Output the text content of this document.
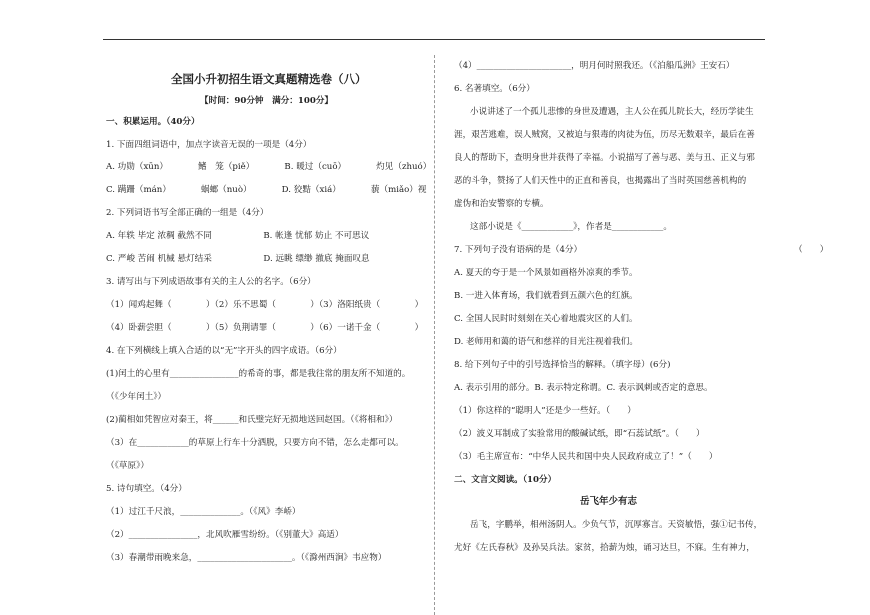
全国小升初招生语文真题精选卷（八）
【时间：90分钟　满分：100分】
一、积累运用。（40分）
1. 下面四组词语中，加点字读音无误的一项是（4分）
A. 功勋（xūn）　　　　鳍　笼（piě）　　　　B. 暖过（cuō）　　　　灼见（zhuó）
C. 蹒跚（mán）　　　　蜗螂（nuò）　　　　D. 狡黠（xiá）　　　　藐（miǎo）视
2. 下列词语书写全部正确的一组是（4分）
A. 年轶 毕定 浓稠 截然不同　　　　　　B. 帐逢 忧郁 妨止 不可思议
C. 严峻 苦闹 机械 悬灯结采　　　　　　D. 远眺 缥缈 撤底 掩面叹息
3. 请写出与下列成语故事有关的主人公的名字。（6分）
（1）闻鸡起舞（　　　　）（2）乐不思蜀（　　　　）（3）洛阳纸贵（　　　　）
（4）卧薪尝胆（　　　　）（5）负荆请罪（　　　　）（6）一诺千金（　　　　）
4. 在下列横线上填入合适的以“无”字开头的四字成语。（6分）
(1)闰土的心里有________________的希奇的事，都是我往常的朋友所不知道的。
（《少年闰土》）
(2)蔺相如凭智应对秦王，将______和氏璧完好无损地送回赵国。（《将相和》）
（3）在____________的草原上行车十分洒脱，只要方向不错，怎么走都可以。
（《草原》）
5. 诗句填空。（4分）
（1）过江千尺浪，______________。（《风》李峤）
（2）________________，北风吹雁雪纷纷。（《别董大》高适）
（3）春潮带雨晚来急，______________________。（《滁州西涧》韦应物）
（4）______________________，明月何时照我还。（《泊船瓜洲》王安石）
6. 名著填空。（6分）
小说讲述了一个孤儿悲惨的身世及遭遇，主人公在孤儿院长大，经历学徒生
涯，艰苦逃难，误人贼窝，又被迫与狠毒的肉徒为伍，历尽无数艰辛，最后在善
良人的帮助下，查明身世并获得了幸福。小说描写了善与恶、美与丑、正义与邪
恶的斗争，赞扬了人们天性中的正直和善良，也揭露出了当时英国慈善机构的
虚伪和治安警察的专横。
这部小说是《____________》，作者是____________。
7. 下列句子没有语病的是（4分）	（　　）
A. 夏天的夸于是一个风景如画格外凉爽的季节。
B. 一进入体育场，我们就看到五颜六色的红旗。
C. 全国人民时时刻刻在关心着地震灾区的人们。
D. 老师用和蔼的语气和慈祥的目光注视着我们。
8. 给下列句子中的引号选择恰当的解释。（填字母）(6分)
A. 表示引用的部分。B. 表示特定称谓。C. 表示讽刺或否定的意思。
（1）你这样的“聪明人”还是少一些好。（　　）
（2）波义耳制成了实验常用的酸碱试纸，即“石蕊试纸”。（　　）
（3）毛主席宣布：“中华人民共和国中央人民政府成立了！”（　　）
二、文言文阅读。（10分）
岳飞年少有志
岳飞，字鹏举，相州汤阴人。少负气节，沉厚寡言。天资敏悟，强①记书传，
尤好《左氏春秋》及孙吴兵法。家贫，拾薪为烛，诵习达旦，不寐。生有神力，
